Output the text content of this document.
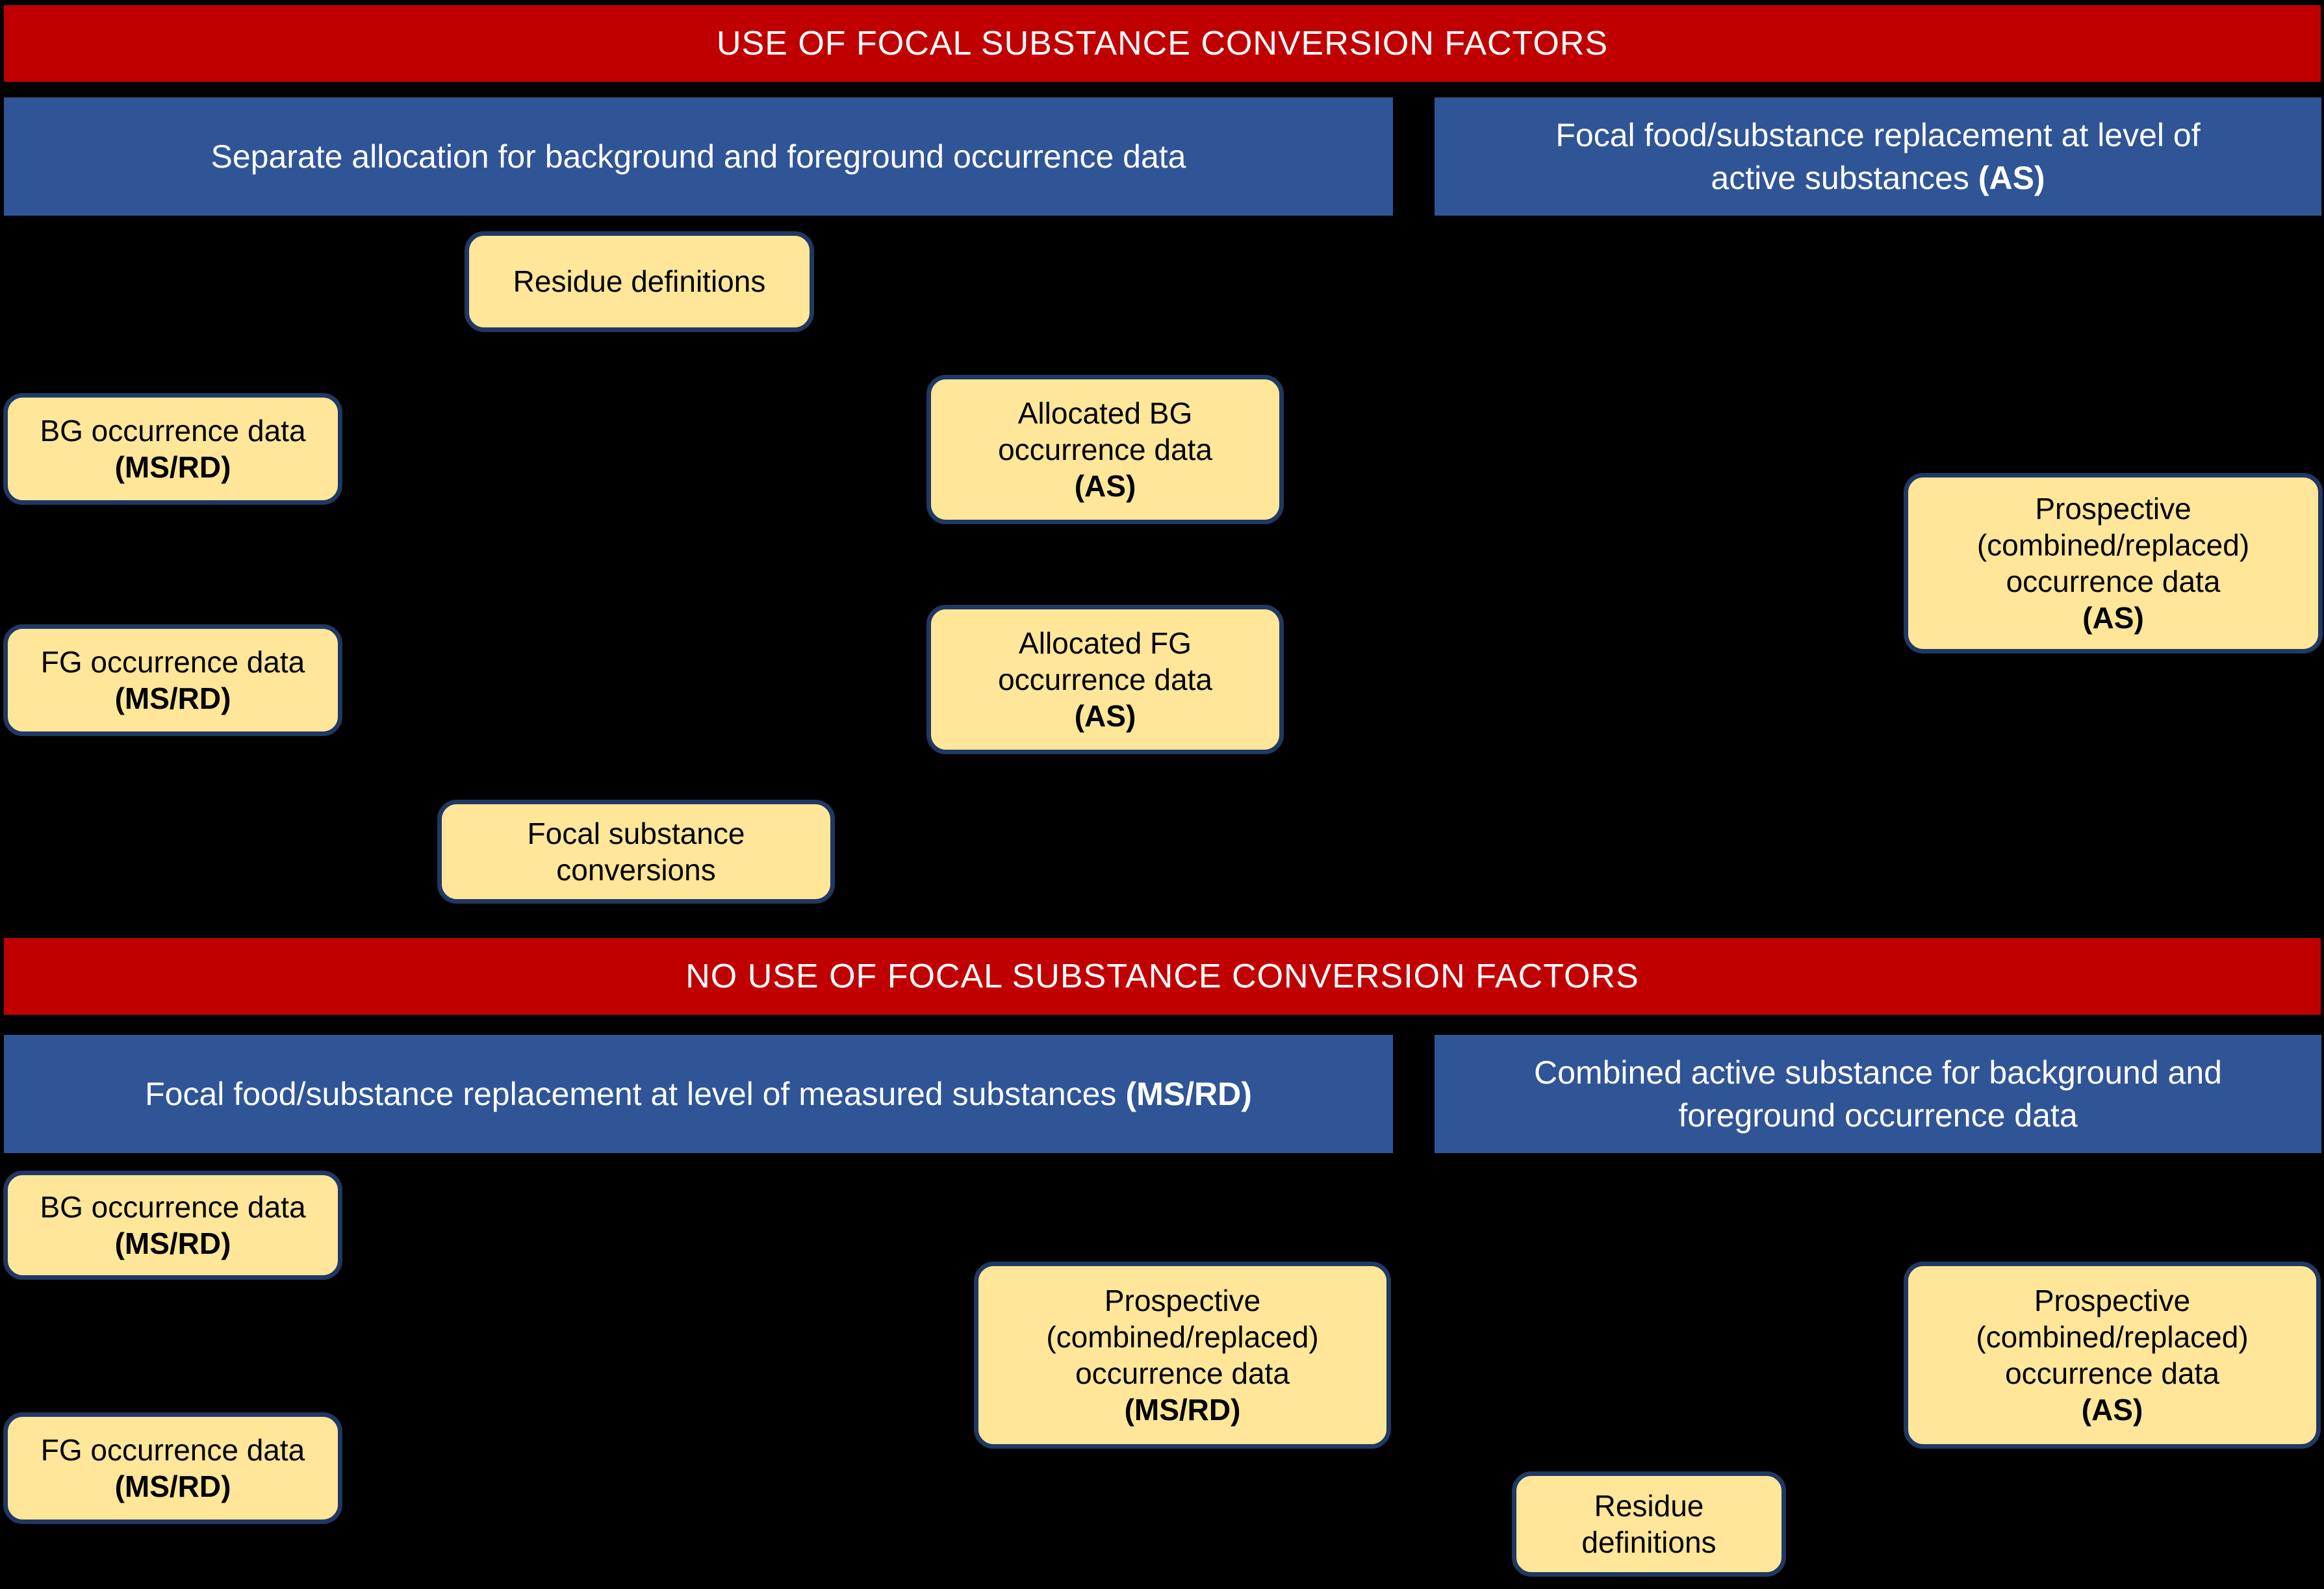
USE OF FOCAL SUBSTANCE CONVERSION FACTORS
Separate allocation for background and foreground occurrence data
Focal food/substance replacement at level of
active substances (AS)
Residue definitions
BG occurrence data
(MS/RD)
Allocated BG
occurrence data
(AS)
Prospective
(combined/replaced)
occurrence data
(AS)
FG occurrence data
(MS/RD)
Allocated FG
occurrence data
(AS)
Focal substance
conversions
NO USE OF FOCAL SUBSTANCE CONVERSION FACTORS
Focal food/substance replacement at level of measured substances (MS/RD)
Combined active substance for background and
foreground occurrence data
BG occurrence data
(MS/RD)
Prospective
(combined/replaced)
occurrence data
(MS/RD)
Prospective
(combined/replaced)
occurrence data
(AS)
FG occurrence data
(MS/RD)
Residue
definitions
